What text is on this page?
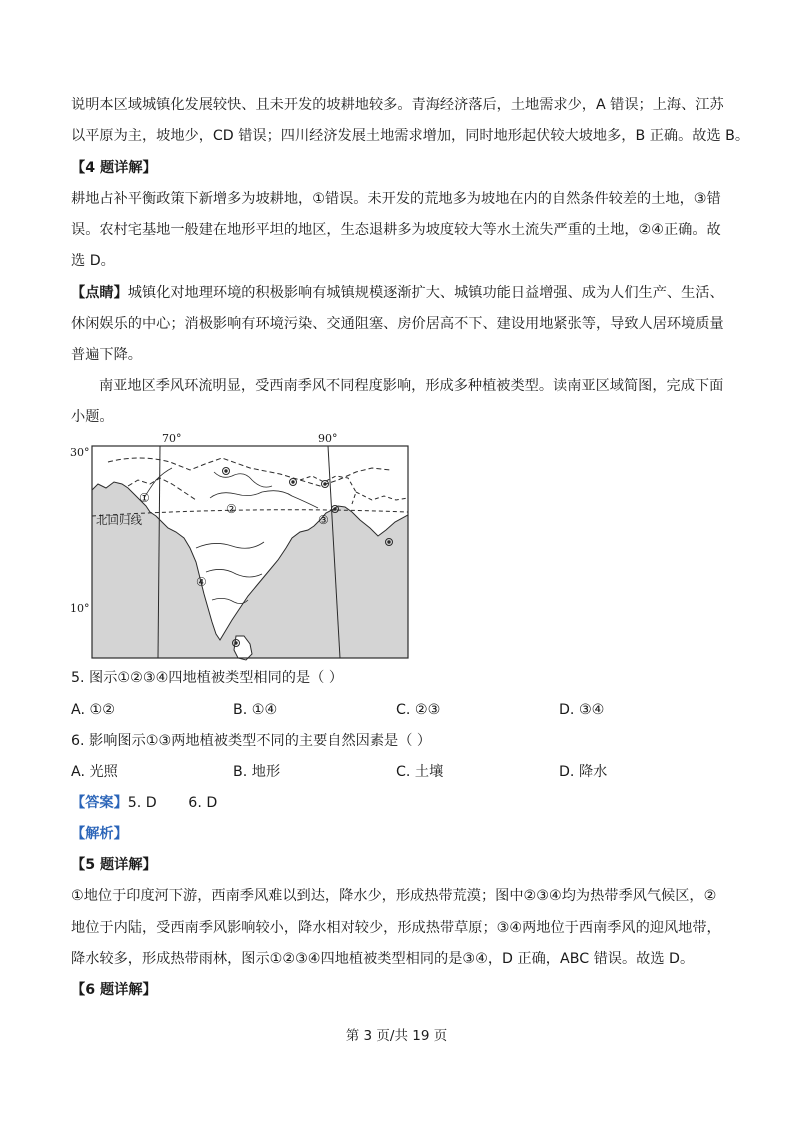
说明本区域城镇化发展较快、且未开发的坡耕地较多。青海经济落后，土地需求少，A 错误；上海、江苏
以平原为主，坡地少，CD 错误；四川经济发展土地需求增加，同时地形起伏较大坡地多，B 正确。故选 B。
【4 题详解】
耕地占补平衡政策下新增多为坡耕地，①错误。未开发的荒地多为坡地在内的自然条件较差的土地，③错
误。农村宅基地一般建在地形平坦的地区，生态退耕多为坡度较大等水土流失严重的土地，②④正确。故
选 D。
【点睛】城镇化对地理环境的积极影响有城镇规模逐渐扩大、城镇功能日益增强、成为人们生产、生活、
休闲娱乐的中心；消极影响有环境污染、交通阻塞、房价居高不下、建设用地紧张等，导致人居环境质量
普遍下降。
南亚地区季风环流明显，受西南季风不同程度影响，形成多种植被类型。读南亚区域简图，完成下面
小题。
70°	90°
30°
10°
北回归线
①
②
③
④
5. 图示①②③④四地植被类型相同的是（ ）
A. ①②	B. ①④	C. ②③	D. ③④
6. 影响图示①③两地植被类型不同的主要自然因素是（ ）
A. 光照	B. 地形	C. 土壤	D. 降水
【答案】5. D       6. D
【解析】
【5 题详解】
①地位于印度河下游，西南季风难以到达，降水少，形成热带荒漠；图中②③④均为热带季风气候区，②
地位于内陆，受西南季风影响较小，降水相对较少，形成热带草原；③④两地位于西南季风的迎风地带，
降水较多，形成热带雨林，图示①②③④四地植被类型相同的是③④，D 正确，ABC 错误。故选 D。
【6 题详解】
第 3 页/共 19 页
